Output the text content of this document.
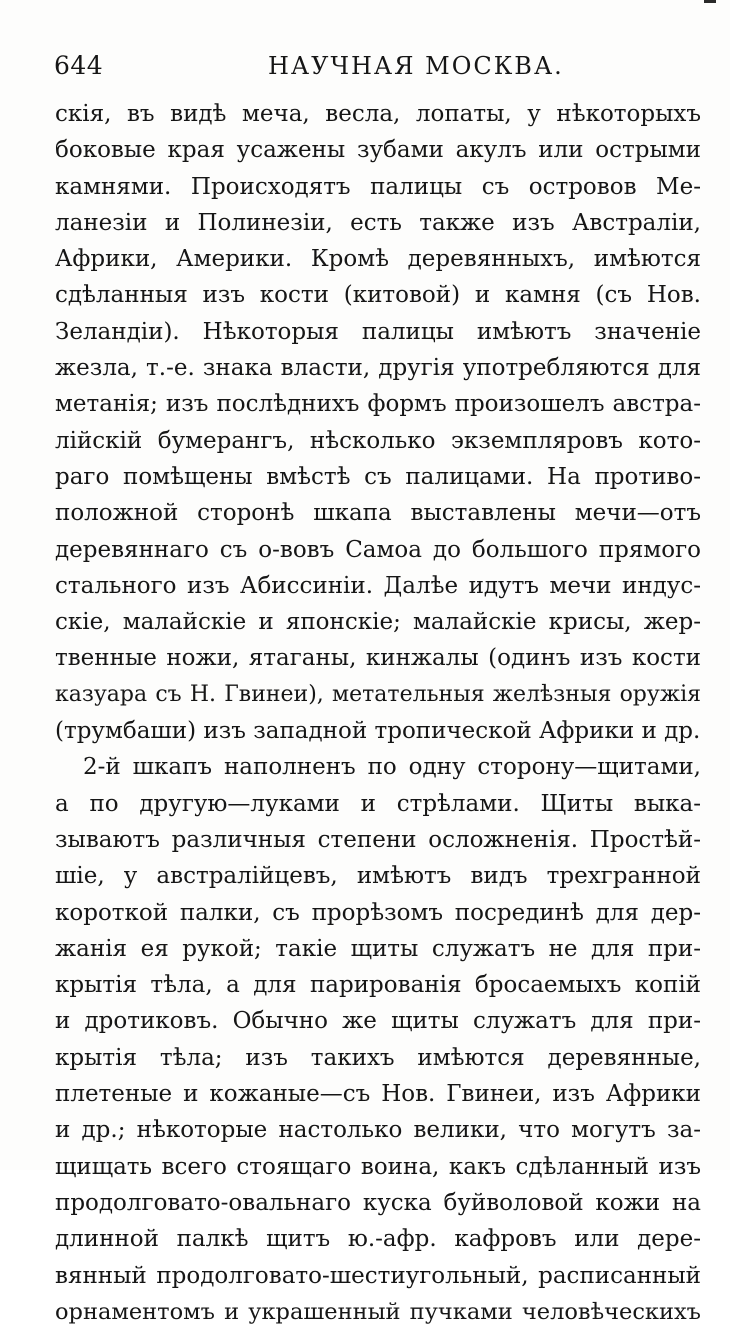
644	НАУЧНАЯ МОСКВА.
скія, въ видѣ меча, весла, лопаты, у нѣкоторыхъ
боковые края усажены зубами акулъ или острыми
камнями. Происходятъ палицы съ островов Ме-
ланезіи и Полинезіи, есть также изъ Австраліи,
Африки, Америки. Кромѣ деревянныхъ, имѣются
сдѣланныя изъ кости (китовой) и камня (съ Нов.
Зеландіи). Нѣкоторыя палицы имѣютъ значеніе
жезла, т.-е. знака власти, другія употребляются для
метанія; изъ послѣднихъ формъ произошелъ австра-
лійскій бумерангъ, нѣсколько экземпляровъ кото-
раго помѣщены вмѣстѣ съ палицами. На противо-
положной сторонѣ шкапа выставлены мечи—отъ
деревяннаго съ о-вовъ Самоа до большого прямого
стального изъ Абиссиніи. Далѣе идутъ мечи индус-
скіе, малайскіе и японскіе; малайскіе крисы, жер-
твенные ножи, ятаганы, кинжалы (одинъ изъ кости
казуара съ Н. Гвинеи), метательныя желѣзныя оружія
(трумбаши) изъ западной тропической Африки и др.
2-й шкапъ наполненъ по одну сторону—щитами,
а по другую—луками и стрѣлами. Щиты выка-
зываютъ различныя степени осложненія. Простѣй-
шіе, у австралійцевъ, имѣютъ видъ трехгранной
короткой палки, съ прорѣзомъ посрединѣ для дер-
жанія ея рукой; такіе щиты служатъ не для при-
крытія тѣла, а для парированія бросаемыхъ копій
и дротиковъ. Обычно же щиты служатъ для при-
крытія тѣла; изъ такихъ имѣются деревянные,
плетеные и кожаные—съ Нов. Гвинеи, изъ Африки
и др.; нѣкоторые настолько велики, что могутъ за-
щищать всего стоящаго воина, какъ сдѣланный изъ
продолговато-овальнаго куска буйволовой кожи на
длинной палкѣ щитъ ю.-афр. кафровъ или дере-
вянный продолговато-шестиугольный, расписанный
орнаментомъ и украшенный пучками человѣческихъ
